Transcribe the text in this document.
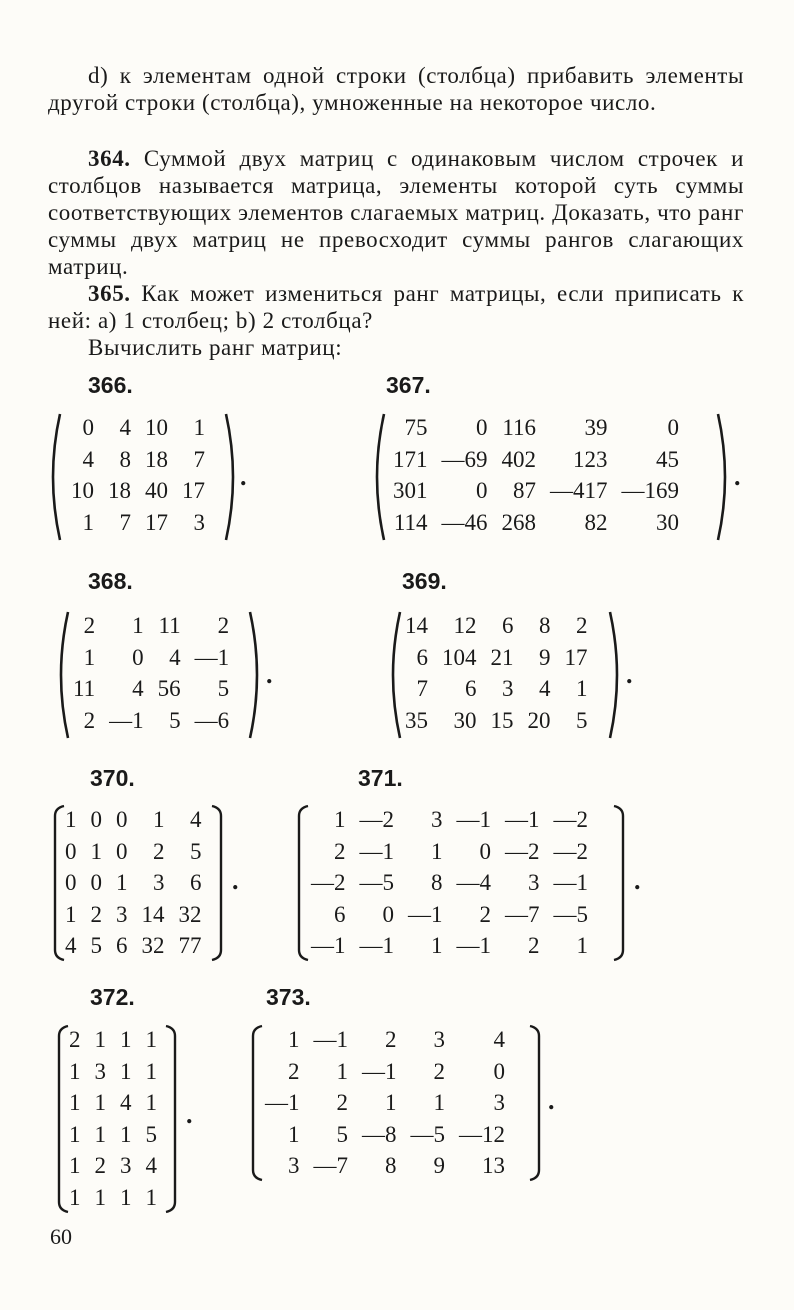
d) к элементам одной строки (столбца) прибавить элементы другой строки (столбца), умноженные на некоторое число.

364. Суммой двух матриц с одинаковым числом строчек и столбцов называется матрица, элементы которой суть суммы соответствующих элементов слагаемых матриц. Доказать, что ранг суммы двух матриц не превосходит суммы рангов слагающих матриц.

365. Как может измениться ранг матрицы, если приписать к ней: a) 1 столбец; b) 2 столбца?

Вычислить ранг матриц:

366.
0	4	10	1
4	8	18	7
10	18	40	17
1	7	17	3
.
367.
75	0	116	39	0
171	—69	402	123	45
301	0	87	—417	—169
114	—46	268	82	30
.
368.
2	1	11	2
1	0	4	—1
11	4	56	5
2	—1	5	—6
.
369.
14	12	6	8	2
6	104	21	9	17
7	6	3	4	1
35	30	15	20	5
.
370.
1	0	0	1	4
0	1	0	2	5
0	0	1	3	6
1	2	3	14	32
4	5	6	32	77
.
371.
1	—2	3	—1	—1	—2
2	—1	1	0	—2	—2
—2	—5	8	—4	3	—1
6	0	—1	2	—7	—5
—1	—1	1	—1	2	1
.
372.
2	1	1	1
1	3	1	1
1	1	4	1
1	1	1	5
1	2	3	4
1	1	1	1
.
373.
1	—1	2	3	4
2	1	—1	2	0
—1	2	1	1	3
1	5	—8	—5	—12
3	—7	8	9	13
.
60
